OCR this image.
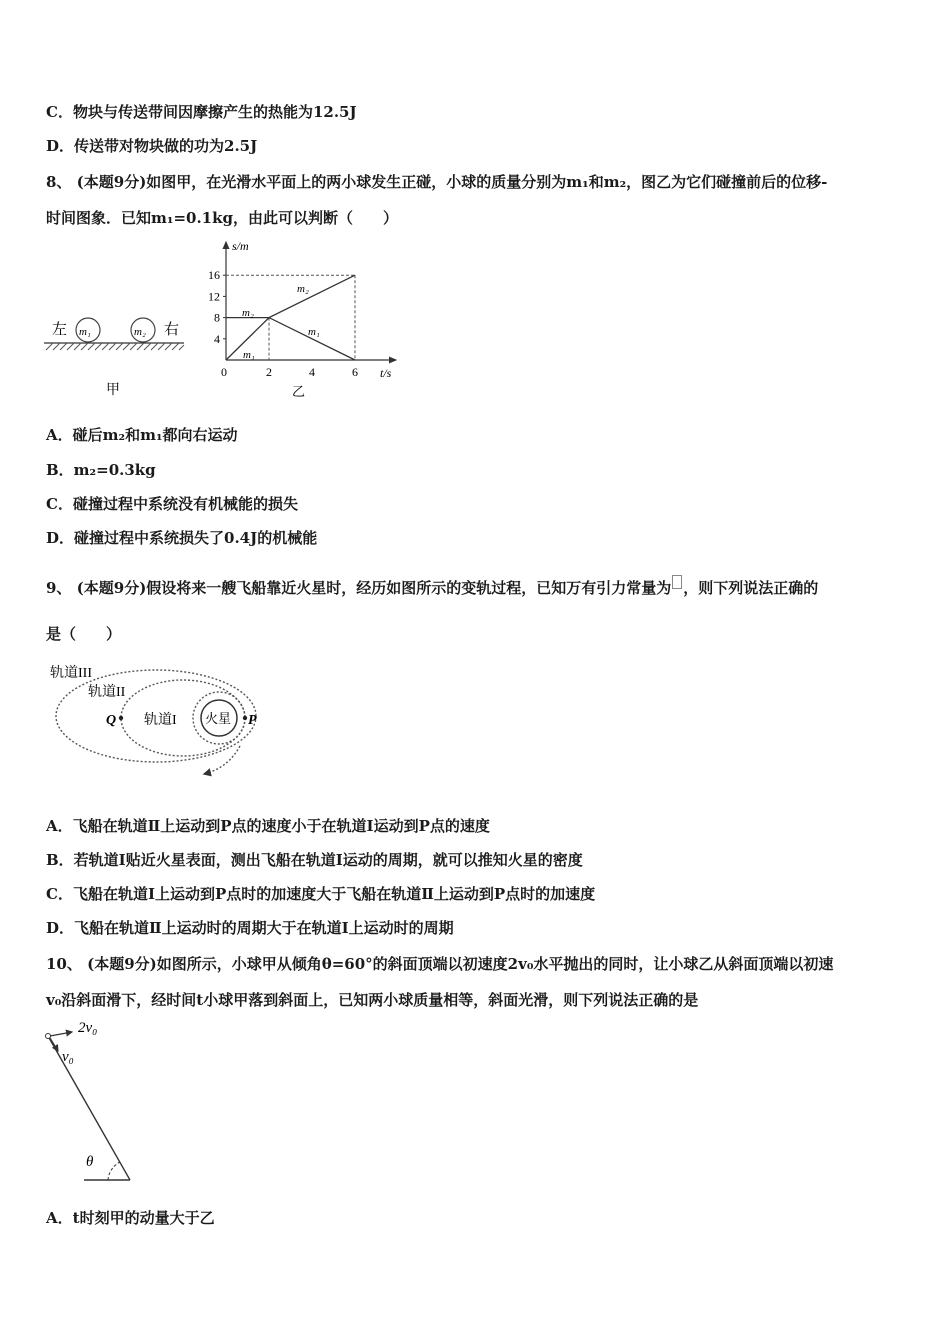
C．物块与传送带间因摩擦产生的热能为12.5J
D．传送带对物块做的功为2.5J
8、 (本题9分)如图甲，在光滑水平面上的两小球发生正碰，小球的质量分别为m₁和m₂，图乙为它们碰撞前后的位移-
时间图象．已知m₁=0.1kg，由此可以判断（　　）
左 m₁	m₂ 右
甲
s/m
t/s
16
12
8
4
0	2	4	6
m₂
m₂
m₁
m₁
乙
A．碰后m₂和m₁都向右运动
B．m₂=0.3kg
C．碰撞过程中系统没有机械能的损失
D．碰撞过程中系统损失了0.4J的机械能
9、 (本题9分)假设将来一艘飞船靠近火星时，经历如图所示的变轨过程，已知万有引力常量为 ，则下列说法正确的
是（　　）
轨道III
轨道II
轨道I 火星 P
Q
A．飞船在轨道Ⅱ上运动到P点的速度小于在轨道Ⅰ运动到P点的速度
B．若轨道Ⅰ贴近火星表面，测出飞船在轨道Ⅰ运动的周期，就可以推知火星的密度
C．飞船在轨道Ⅰ上运动到P点时的加速度大于飞船在轨道Ⅱ上运动到P点时的加速度
D．飞船在轨道Ⅱ上运动时的周期大于在轨道Ⅰ上运动时的周期
10、 (本题9分)如图所示，小球甲从倾角θ=60°的斜面顶端以初速度2v₀水平抛出的同时，让小球乙从斜面顶端以初速
v₀沿斜面滑下，经时间t小球甲落到斜面上，已知两小球质量相等，斜面光滑，则下列说法正确的是
2v₀
v₀
θ
A．t时刻甲的动量大于乙
